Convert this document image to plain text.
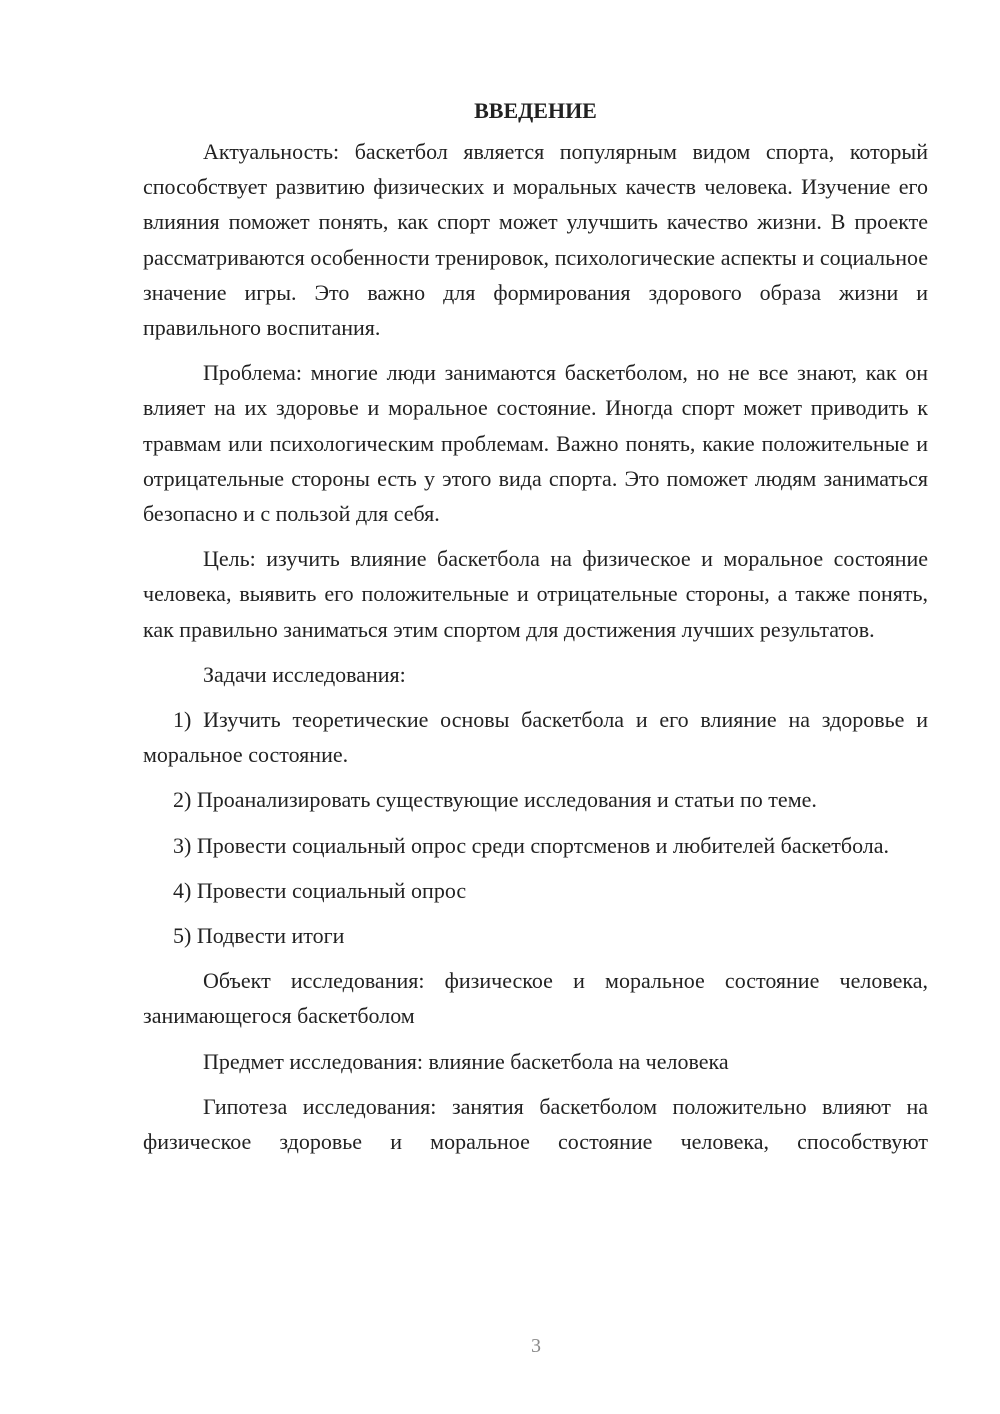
ВВЕДЕНИЕ

Актуальность: баскетбол является популярным видом спорта, который способствует развитию физических и моральных качеств человека. Изучение его влияния поможет понять, как спорт может улучшить качество жизни. В проекте рассматриваются особенности тренировок, психологические аспекты и социальное значение игры. Это важно для формирования здорового образа жизни и правильного воспитания.

Проблема: многие люди занимаются баскетболом, но не все знают, как он влияет на их здоровье и моральное состояние. Иногда спорт может приводить к травмам или психологическим проблемам. Важно понять, какие положительные и отрицательные стороны есть у этого вида спорта. Это поможет людям заниматься безопасно и с пользой для себя.

Цель: изучить влияние баскетбола на физическое и моральное состояние человека, выявить его положительные и отрицательные стороны, а также понять, как правильно заниматься этим спортом для достижения лучших результатов.

Задачи исследования:

1) Изучить теоретические основы баскетбола и его влияние на здоровье и моральное состояние.

2) Проанализировать существующие исследования и статьи по теме.

3) Провести социальный опрос среди спортсменов и любителей баскетбола.

4) Провести социальный опрос

5) Подвести итоги

Объект исследования: физическое и моральное состояние человека, занимающегося баскетболом

Предмет исследования: влияние баскетбола на человека

Гипотеза исследования: занятия баскетболом положительно влияют на физическое здоровье и моральное состояние человека, способствуют

3
